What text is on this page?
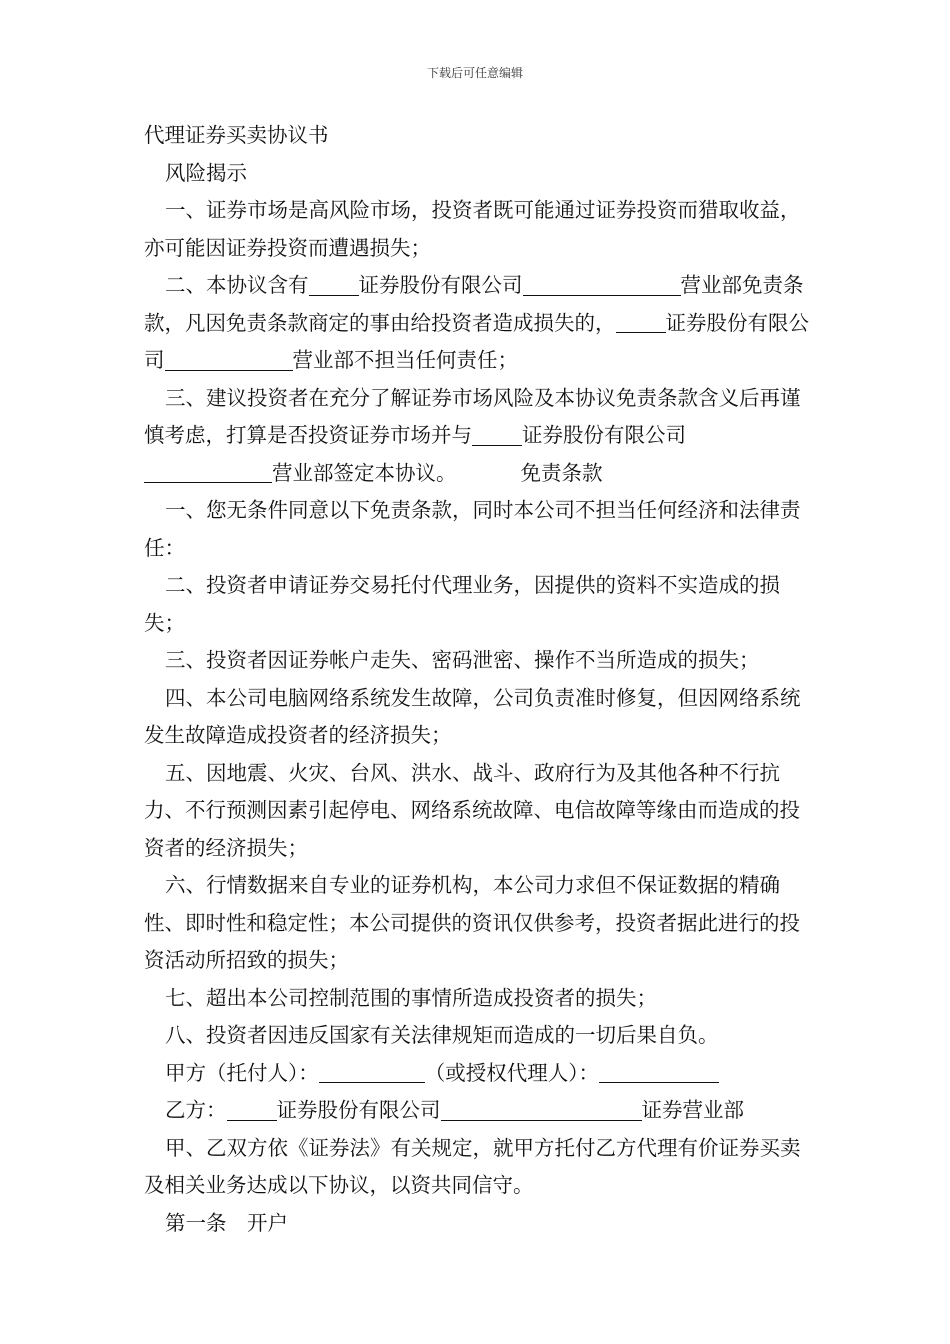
下载后可任意编辑

代理证券买卖协议书

风险揭示

一、证券市场是高风险市场，投资者既可能通过证券投资而猎取收益，亦可能因证券投资而遭遇损失；

二、本协议含有 证券股份有限公司	营业部免责条款，凡因免责条款商定的事由给投资者造成损失的， 证券股份有限公司	营业部不担当任何责任；

三、建议投资者在充分了解证券市场风险及本协议免责条款含义后再谨慎考虑，打算是否投资证券市场并与 证券股份有限公司营业部签定本协议。	免责条款

一、您无条件同意以下免责条款，同时本公司不担当任何经济和法律责任：

二、投资者申请证券交易托付代理业务，因提供的资料不实造成的损失；

三、投资者因证券帐户走失、密码泄密、操作不当所造成的损失；

四、本公司电脑网络系统发生故障，公司负责准时修复，但因网络系统发生故障造成投资者的经济损失；

五、因地震、火灾、台风、洪水、战斗、政府行为及其他各种不行抗力、不行预测因素引起停电、网络系统故障、电信故障等缘由而造成的投资者的经济损失；

六、行情数据来自专业的证券机构，本公司力求但不保证数据的精确性、即时性和稳定性；本公司提供的资讯仅供参考，投资者据此进行的投资活动所招致的损失；

七、超出本公司控制范围的事情所造成投资者的损失；

八、投资者因违反国家有关法律规矩而造成的一切后果自负。

甲方（托付人）：	（或授权代理人）：

乙方： 证券股份有限公司	证券营业部

甲、乙双方依《证券法》有关规定，就甲方托付乙方代理有价证券买卖及相关业务达成以下协议，以资共同信守。

第一条　开户
